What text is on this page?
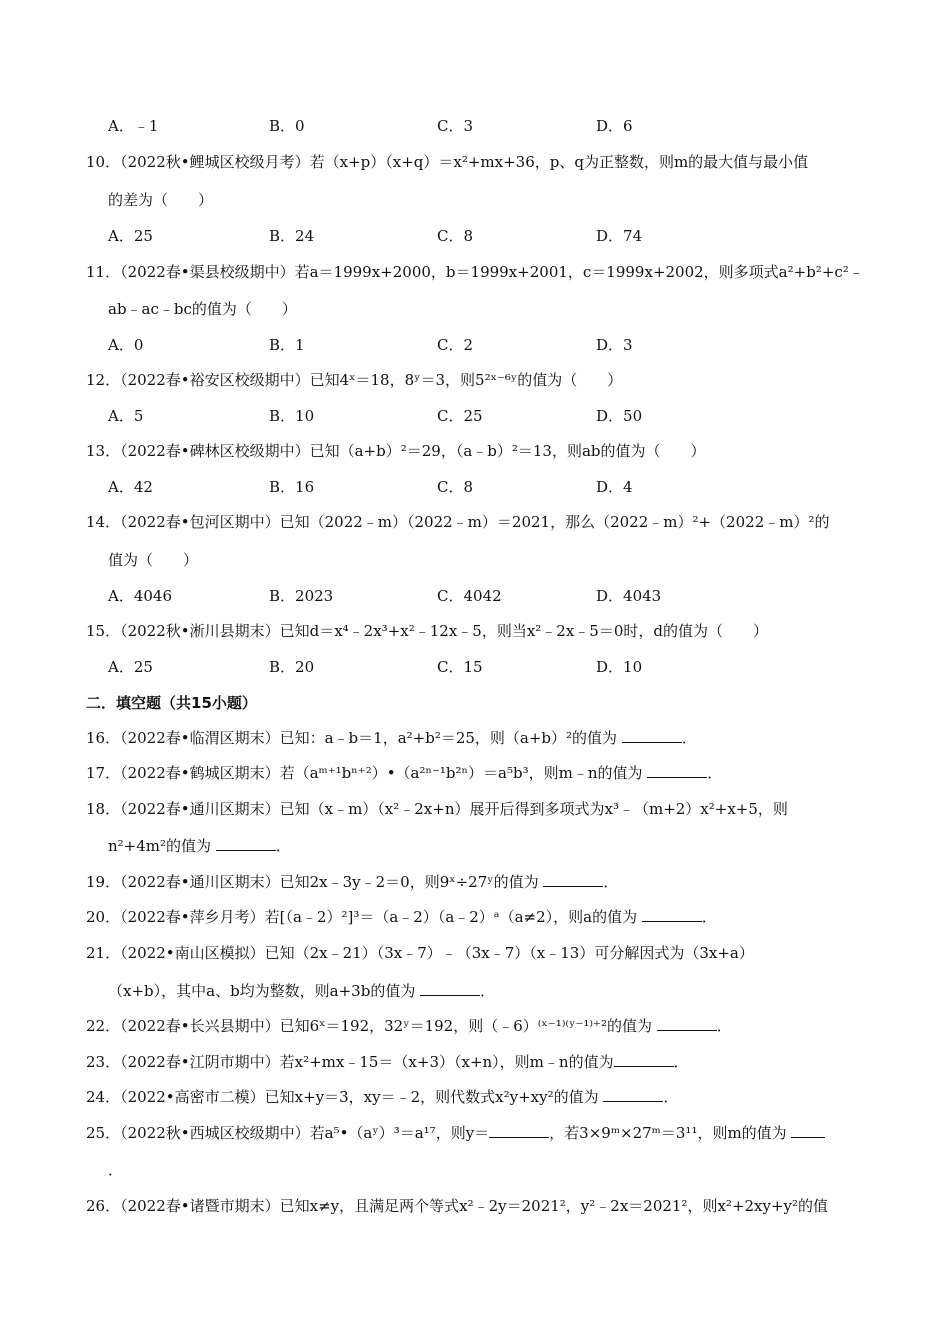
A．﹣1	B．0	C．3	D．6
10．（2022秋•鲤城区校级月考）若（x+p）（x+q）＝x²+mx+36，p、q为正整数，则m的最大值与最小值
的差为（　　）
A．25	B．24	C．8	D．74
11．（2022春•渠县校级期中）若a＝1999x+2000，b＝1999x+2001，c＝1999x+2002，则多项式a²+b²+c²﹣
ab﹣ac﹣bc的值为（　　）
A．0	B．1	C．2	D．3
12．（2022春•裕安区校级期中）已知4ˣ＝18，8ʸ＝3，则5²ˣ⁻⁶ʸ的值为（　　）
A．5	B．10	C．25	D．50
13．（2022春•碑林区校级期中）已知（a+b）²＝29，（a﹣b）²＝13，则ab的值为（　　）
A．42	B．16	C．8	D．4
14．（2022春•包河区期中）已知（2022﹣m）（2022﹣m）＝2021，那么（2022﹣m）²+（2022﹣m）²的
值为（　　）
A．4046	B．2023	C．4042	D．4043
15．（2022秋•淅川县期末）已知d＝x⁴﹣2x³+x²﹣12x﹣5，则当x²﹣2x﹣5＝0时，d的值为（　　）
A．25	B．20	C．15	D．10
二．填空题（共15小题）
16．（2022春•临渭区期末）已知：a﹣b＝1，a²+b²＝25，则（a+b）²的值为	．
17．（2022春•鹤城区期末）若（aᵐ⁺¹bⁿ⁺²）•（a²ⁿ⁻¹b²ⁿ）＝a⁵b³，则m﹣n的值为	．
18．（2022春•通川区期末）已知（x﹣m）（x²﹣2x+n）展开后得到多项式为x³﹣（m+2）x²+x+5，则
n²+4m²的值为	．
19．（2022春•通川区期末）已知2x﹣3y﹣2＝0，则9ˣ÷27ʸ的值为	．
20．（2022春•萍乡月考）若[（a﹣2）²]³＝（a﹣2）（a﹣2）ᵃ（a≠2），则a的值为	．
21．（2022•南山区模拟）已知（2x﹣21）（3x﹣7）﹣（3x﹣7）（x﹣13）可分解因式为（3x+a）
（x+b），其中a、b均为整数，则a+3b的值为	．
22．（2022春•长兴县期中）已知6ˣ＝192，32ʸ＝192，则（﹣6）⁽ˣ⁻¹⁾⁽ʸ⁻¹⁾⁺²的值为	．
23．（2022春•江阴市期中）若x²+mx﹣15＝（x+3）（x+n），则m﹣n的值为	．
24．（2022•高密市二模）已知x+y＝3，xy＝﹣2，则代数式x²y+xy²的值为	．
25．（2022秋•西城区校级期中）若a⁵•（aʸ）³＝a¹⁷，则y＝	，若3×9ᵐ×27ᵐ＝3¹¹，则m的值为
．
26．（2022春•诸暨市期末）已知x≠y，且满足两个等式x²﹣2y＝2021²，y²﹣2x＝2021²，则x²+2xy+y²的值
